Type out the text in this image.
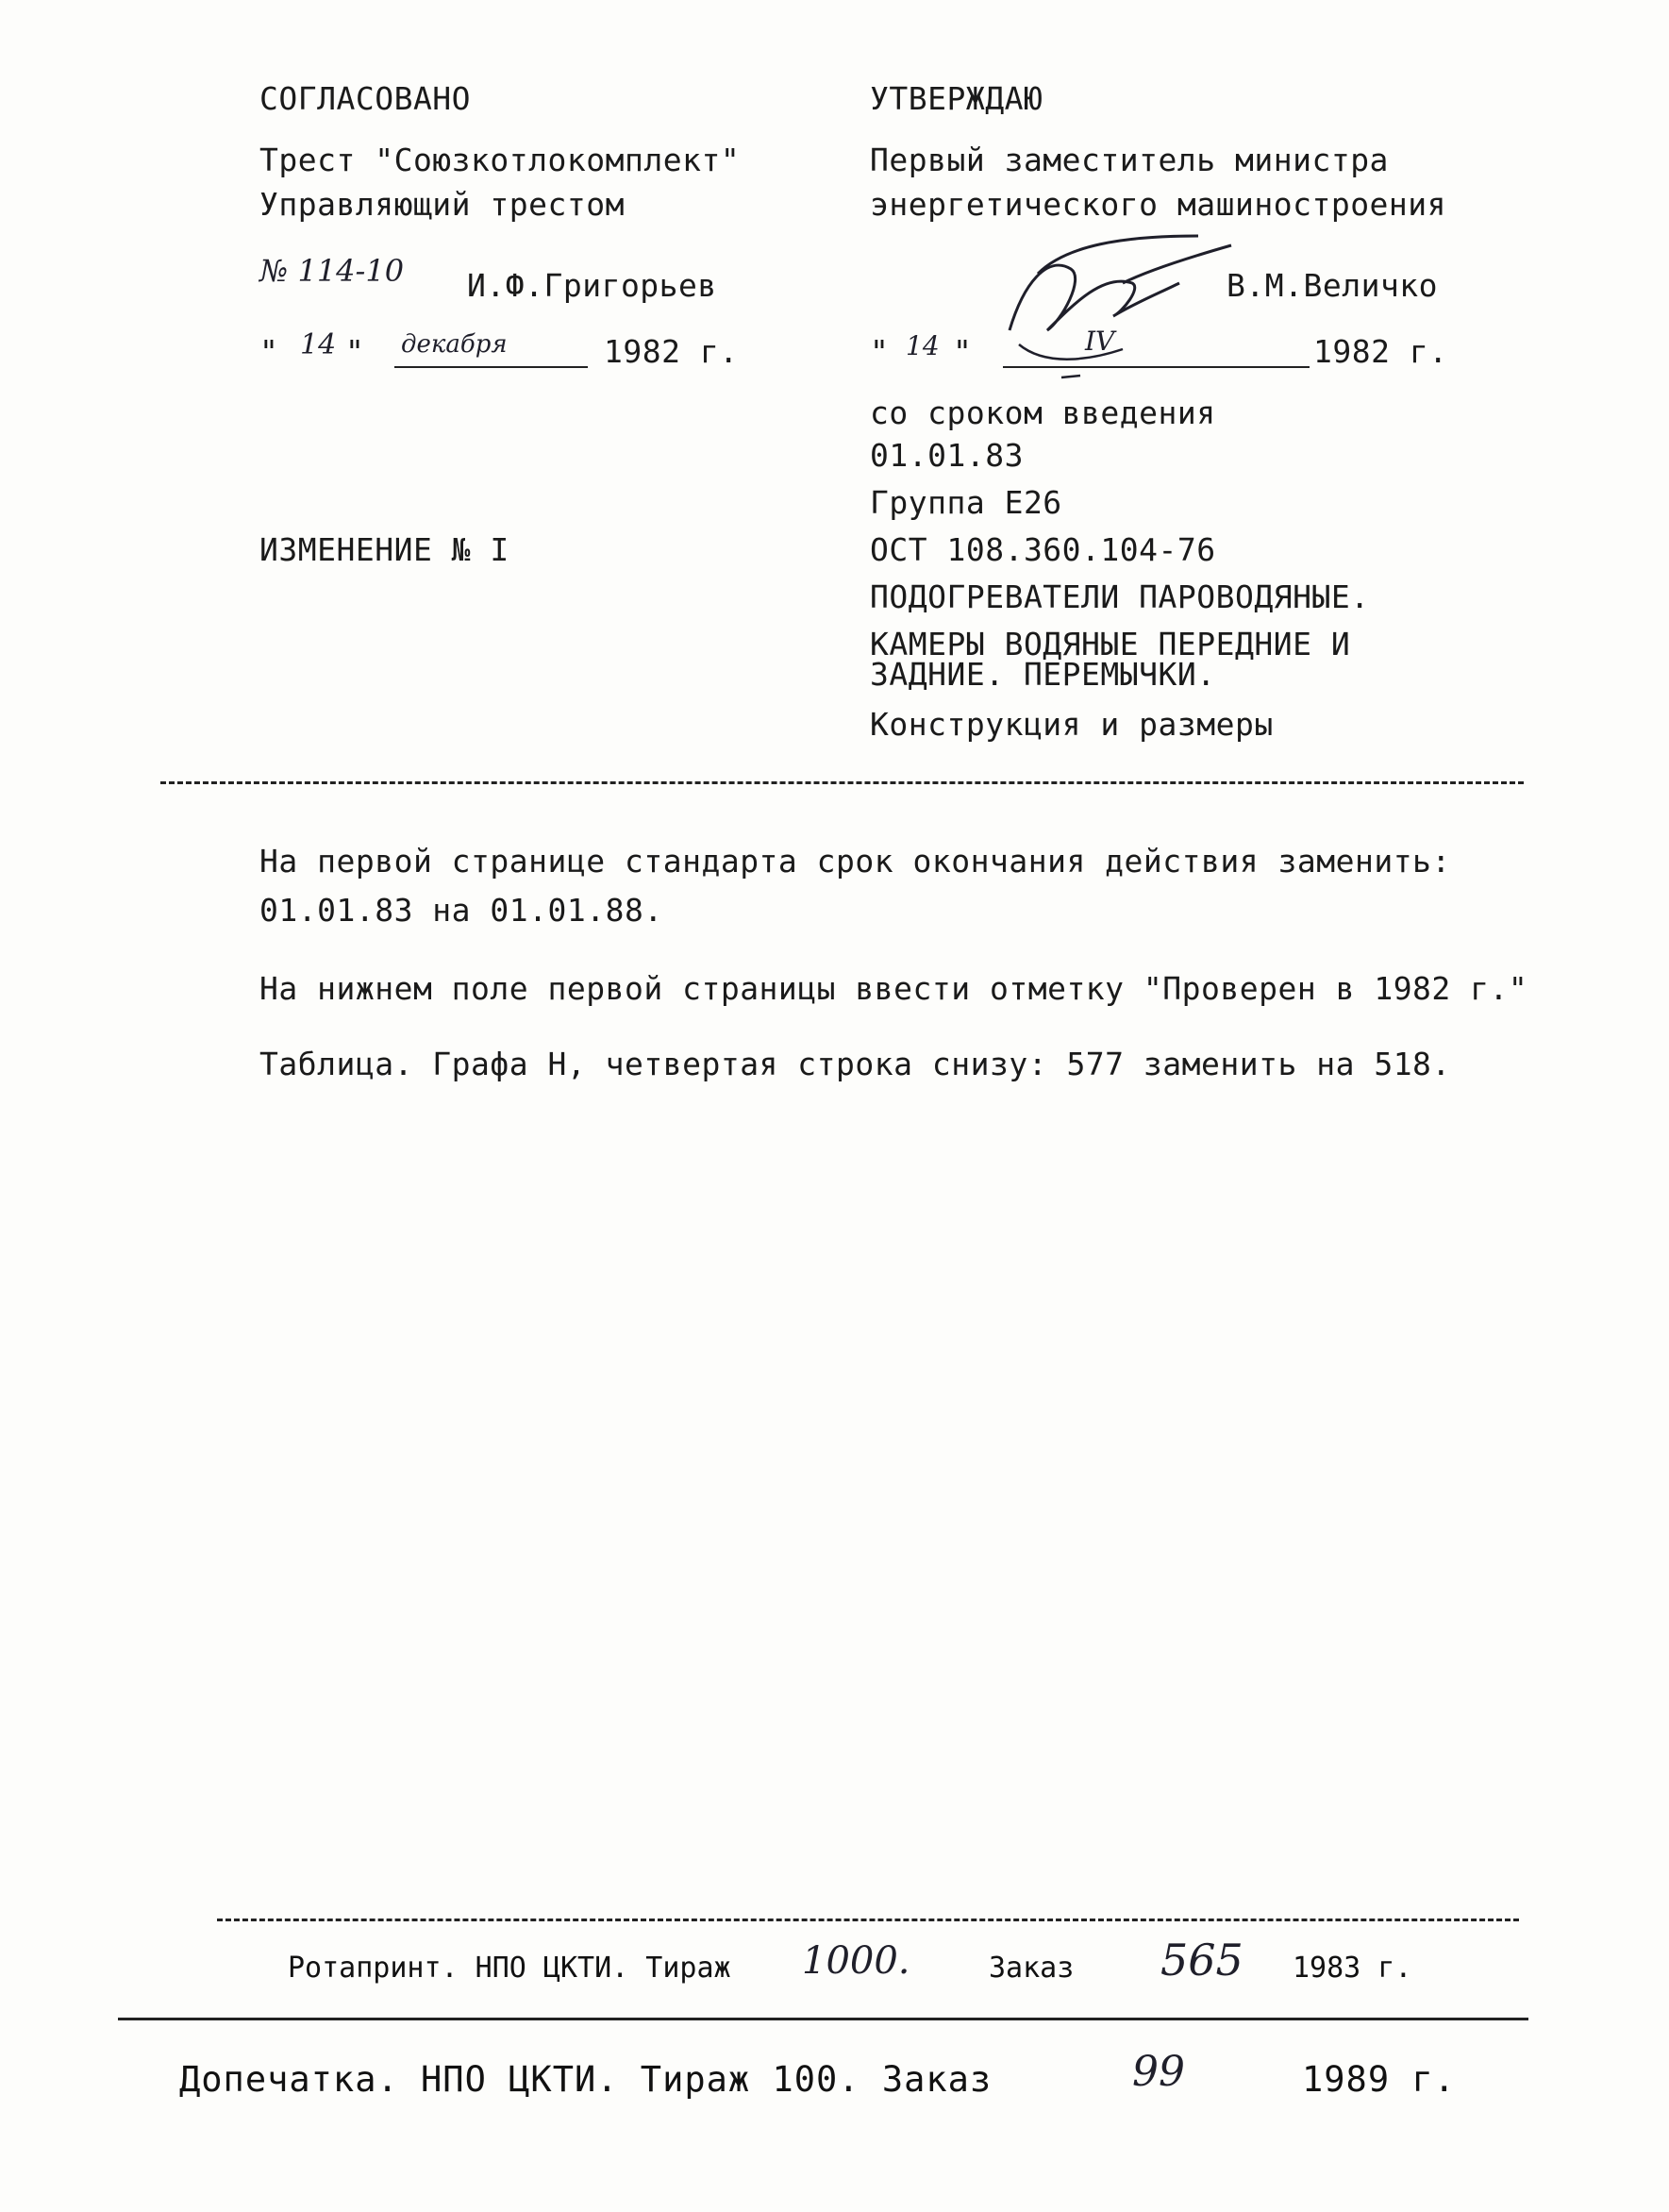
СОГЛАСОВАНО
Трест "Союзкотлокомплект"
Управляющий трестом
№ 114-10 И.Ф.Григорьев
" 14 " декабря	1982 г.
ИЗМЕНЕНИЕ № I
УТВЕРЖДАЮ
Первый заместитель министра
энергетического машиностроения
В.М.Величко
" 14 "	IV	1982 г.
со сроком введения
01.01.83
Группа Е26
ОСТ 108.360.104-76
ПОДОГРЕВАТЕЛИ ПАРОВОДЯНЫЕ.
КАМЕРЫ ВОДЯНЫЕ ПЕРЕДНИЕ И
ЗАДНИЕ. ПЕРЕМЫЧКИ.
Конструкция и размеры
На первой странице стандарта срок окончания действия заменить:
01.01.83 на 01.01.88.
На нижнем поле первой страницы ввести отметку "Проверен в 1982 г."
Таблица. Графа Н, четвертая строка снизу: 577 заменить на 518.
Ротапринт. НПО ЦКТИ. Тираж 1000.	Заказ 565 1983 г.
Допечатка. НПО ЦКТИ. Тираж 100. Заказ	99	1989 г.
